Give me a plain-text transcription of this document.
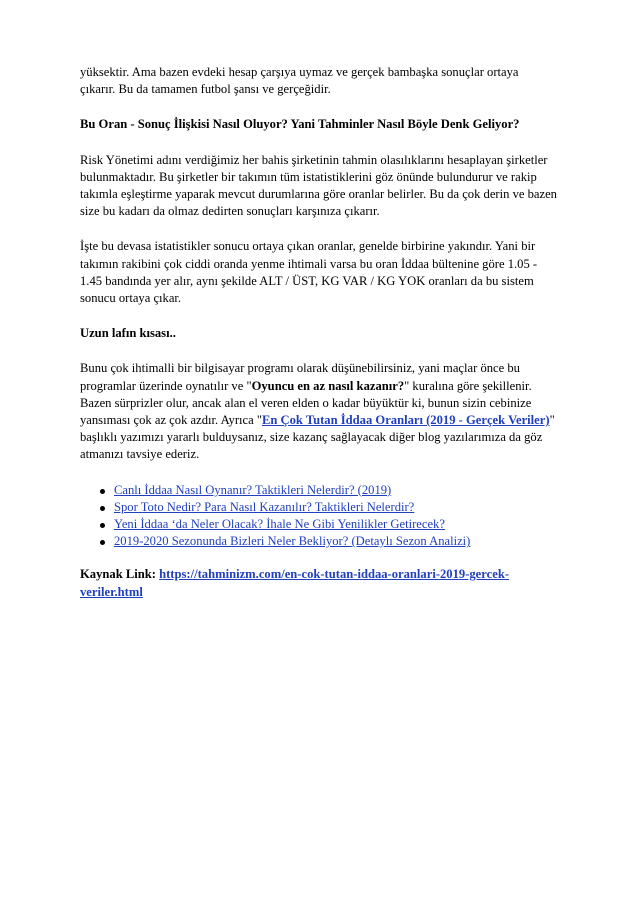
yüksektir. Ama bazen evdeki hesap çarşıya uymaz ve gerçek bambaşka sonuçlar ortaya
çıkarır. Bu da tamamen futbol şansı ve gerçeğidir.

Bu Oran - Sonuç İlişkisi Nasıl Oluyor? Yani Tahminler Nasıl Böyle Denk Geliyor?

Risk Yönetimi adını verdiğimiz her bahis şirketinin tahmin olasılıklarını hesaplayan şirketler bulunmaktadır. Bu şirketler bir takımın tüm istatistiklerini göz önünde bulundurur ve rakip takımla eşleştirme yaparak mevcut durumlarına göre oranlar belirler. Bu da çok derin ve bazen size bu kadarı da olmaz dedirten sonuçları karşınıza çıkarır.

İşte bu devasa istatistikler sonucu ortaya çıkan oranlar, genelde birbirine yakındır. Yani bir takımın rakibini çok ciddi oranda yenme ihtimali varsa bu oran İddaa bültenine göre 1.05 - 1.45 bandında yer alır, aynı şekilde ALT / ÜST, KG VAR / KG YOK oranları da bu sistem sonucu ortaya çıkar.

Uzun lafın kısası..

Bunu çok ihtimalli bir bilgisayar programı olarak düşünebilirsiniz, yani maçlar önce bu programlar üzerinde oynatılır ve "Oyuncu en az nasıl kazanır?" kuralına göre şekillenir. Bazen sürprizler olur, ancak alan el veren elden o kadar büyüktür ki, bunun sizin cebinize yansıması çok az çok azdır. Ayrıca "En Çok Tutan İddaa Oranları (2019 - Gerçek Veriler)" başlıklı yazımızı yararlı bulduysanız, size kazanç sağlayacak diğer blog yazılarımıza da göz atmanızı tavsiye ederiz.

Canlı İddaa Nasıl Oynanır? Taktikleri Nelerdir? (2019)
Spor Toto Nedir? Para Nasıl Kazanılır? Taktikleri Nelerdir?
Yeni İddaa ‘da Neler Olacak? İhale Ne Gibi Yenilikler Getirecek?
2019-2020 Sezonunda Bizleri Neler Bekliyor? (Detaylı Sezon Analizi)

Kaynak Link: https://tahminizm.com/en-cok-tutan-iddaa-oranlari-2019-gercek-veriler.html
